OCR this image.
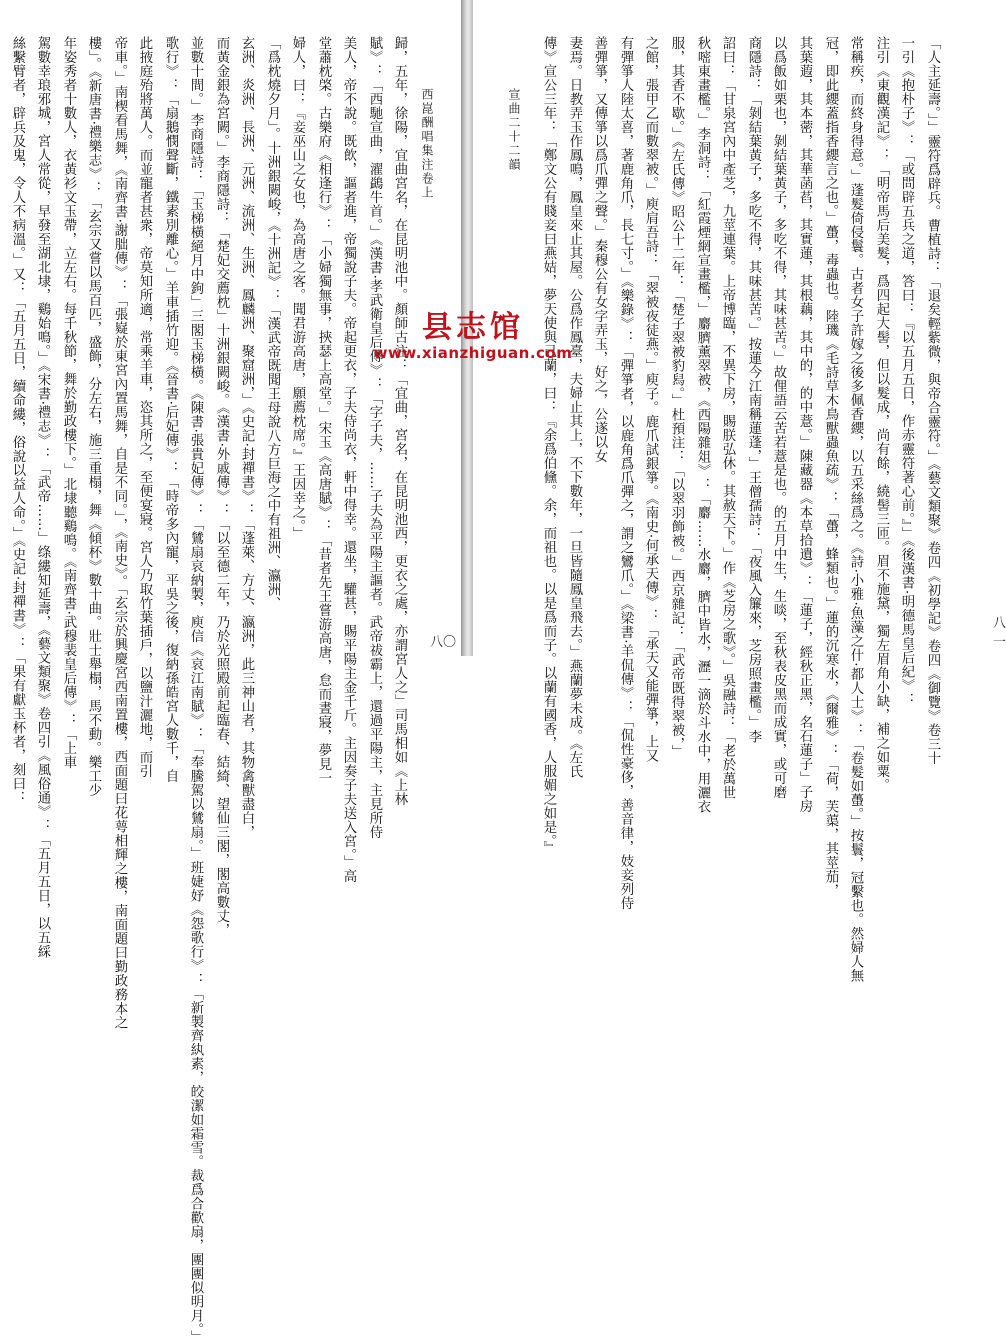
西崑酬唱集注卷上
歸，五年，徐陽，宜曲宮名，在昆明池中。顏師古注：「宜曲，宮名，在昆明池西，更衣之處，亦謂宮人之」司馬相如《上林
賦》：「西馳宣曲，濯鷁牛首。」《漢書·孝武衛皇后傳》：「字子夫，……子夫為平陽主謳者。武帝祓霸上，還過平陽主，主見所侍
美人，帝不說。既飲，謳者進，帝獨說子夫。帝起更衣，子夫侍尚衣，軒中得幸。還坐，驩甚，賜平陽主金千斤。主因奏子夫送入宮。」高
堂蕭枕棨。古樂府《相逢行》：「小婦獨無事，挾瑟上高堂。」宋玉《高唐賦》：「昔者先王嘗游高唐，怠而晝寢，夢見一
婦人，曰：『妾巫山之女也，為高唐之客。聞君游高唐，願薦枕席。』王因幸之。」
「爲枕燒夕月」。十洲銀闕峻，《十洲記》：「漢武帝既聞王母說八方巨海之中有祖洲、瀛洲、
玄洲、炎洲、長洲、元洲、流洲、生洲、鳳麟洲、聚窟洲，」《史記·封禪書》：「蓬萊、方丈、瀛洲，此三神山者，其物禽獸盡白，
而黃金銀為宮闕。」李商隱詩：「楚妃交薦枕」十洲銀闕峻。《漢書·外戚傳》：「以至德二年，乃於光照殿前起臨春、結綺、望仙三閣，閣高數丈，
並數十間。」李商隱詩：「玉梯橫絕月中鉤」三閣玉梯橫。《陳書·張貴妃傳》：「鷥扇哀納製，庾信《哀江南賦》：「奉騰駕以鷥扇。」班婕妤《怨歌行》：「新製齊紈素，皎潔如霜雪。裁爲合歡扇，團團似明月。」
歌行》：「扇鵝憫聲斷，鐵素別離心。」羊車插竹迎。《晉書·后妃傳》：「時帝多內寵，平吳之後，復納孫皓宮人數千，自
此掖庭殆將萬人。而並寵者甚衆，帝莫知所適，常乘羊車，恣其所之，至便宴寢。宮人乃取竹葉插戶，以鹽汁灑地，而引
帝車。」南楔看馬舞，《南齊書·謝朏傳》：「張嶷於東宮內置馬舞，自是不同。」，《南史》。「玄宗於興慶宮西南置樓，西面題曰花萼相輝之樓，南面題曰勤政務本之
樓」。《新唐書·禮樂志》：「玄宗又嘗以馬百匹，盛飾，分左右，施三重榻，舞《傾杯》數十曲。壯士舉榻，馬不動。樂工少
年姿秀者十數人，衣黃衫文玉帶，立左右。每千秋節，舞於勤政樓下。」北埭聽鷄鳴。《南齊書·武穆裴皇后傳》：「上車
駕數幸琅邪城，宮人常從，早發至湖北埭，鷄始鳴。」《宋書·禮志》：「武帝……」绦縷知延壽，《藝文類聚》卷四引《風俗通》：「五月五日，以五綵
絲繫臂者，辟兵及鬼，令人不病溫。」又：「五月五日，續命縷，俗說以益人命。」《史記·封禪書》：「果有獻玉杯者，刻曰：	八〇
宣曲二十二韻	「人主延壽。」」靈符爲辟兵。曹植詩：「退矣輕紫微，與帝合靈符。」《藝文類聚》卷四《初學記》卷四《御覽》卷三十
一引《抱朴子》：「或問辟五兵之道，答曰：『以五月五日，作赤靈符著心前。』」《後漢書·明德馬皇后紀》：
注引《東觀漢記》：「明帝馬后美髮，爲四起大髻，但以髮成，尚有餘，繞髻三匝。眉不施黛，獨左眉角小缺，補之如粟。
常稱疾，而終身得意。」蓬髮倚侵鬟。古者女子許嫁之後多佩香纓，以五采絲爲之。《詩·小雅·魚藻之什·都人士》：「卷髮如蠆。」按鬟，冠繫也。然婦人無
冠，即此纓蓋指香纓言之也。」蠆，毒蟲也。陸璣《毛詩草木鳥獸蟲魚疏》：「蠆，蜂類也。」蓮的沉寒水，《爾雅》：「荷，芙蕖，其莖茄，
其葉蕸，其本蔤，其華菡萏，其實蓮，其根藕，其中的，的中薏。」陳藏器《本草拾遺》：「蓮子，經秋正黑，名石蓮子」子房
以爲飯如栗也，剝結葉黃子，多吃不得，其味甚苦。」故俚語云苦若薏是也。的五月中生，生啖，至秋表皮黑而成實，或可磨
商隱詩：「剝結葉黃子，多吃不得，其味甚苦。」按蓮今江南稱蓮蓬，」王僧孺詩：「夜風入簾來，芝房照畫檻。」李
詔曰：「甘泉宮內中產芝，九莖連葉。上帝博臨，不異下房，賜朕弘休。其赦天下。」作《芝房之歌》。」吳融詩：「老於萬世
秋嘧東畫檻。」李洞詩：「紅霞煙網宣畫檻，」麝臍薰翠被，《西陽雜俎》：「麝……水麝，臍中皆水，瀝一滴於斗水中，用灑衣
服，其香不歇。」《左氏傳》昭公十二年：「楚子翠被豹舄。」杜預注：「以翠羽飾被。」西京雜記：「武帝既得翠被，」
之館，張甲乙而數翠被。」庾肩吾詩：「翠被夜徒燕。」庾子。鹿爪試銀箏。《南史·何承天傳》：「承天又能彈箏，上又
有彈箏人陸太喜，著鹿角爪，長七寸。」《樂錄》：「彈箏者，以鹿角爲爪彈之，謂之鸞爪。」《梁書·羊侃傳》：「侃性豪侈，善音律，妓妾列侍
善彈箏，又傳箏以爲爪彈之聲。」秦穆公有女字弄玉，好之，公遂以女
妻焉。日教弄玉作鳳鳴，鳳皇來止其屋。公爲作鳳臺，夫婦止其上，不下數年，一旦皆隨鳳皇飛去。」燕蘭夢未成。《左氏
傳》宣公三年：「鄭文公有賤妾曰燕姞，夢天使與己蘭，曰：『余爲伯儵。余，而祖也。以是爲而子。以蘭有國香，人服媚之如是。』	八一
县志馆
www.xianzhiguan.com
